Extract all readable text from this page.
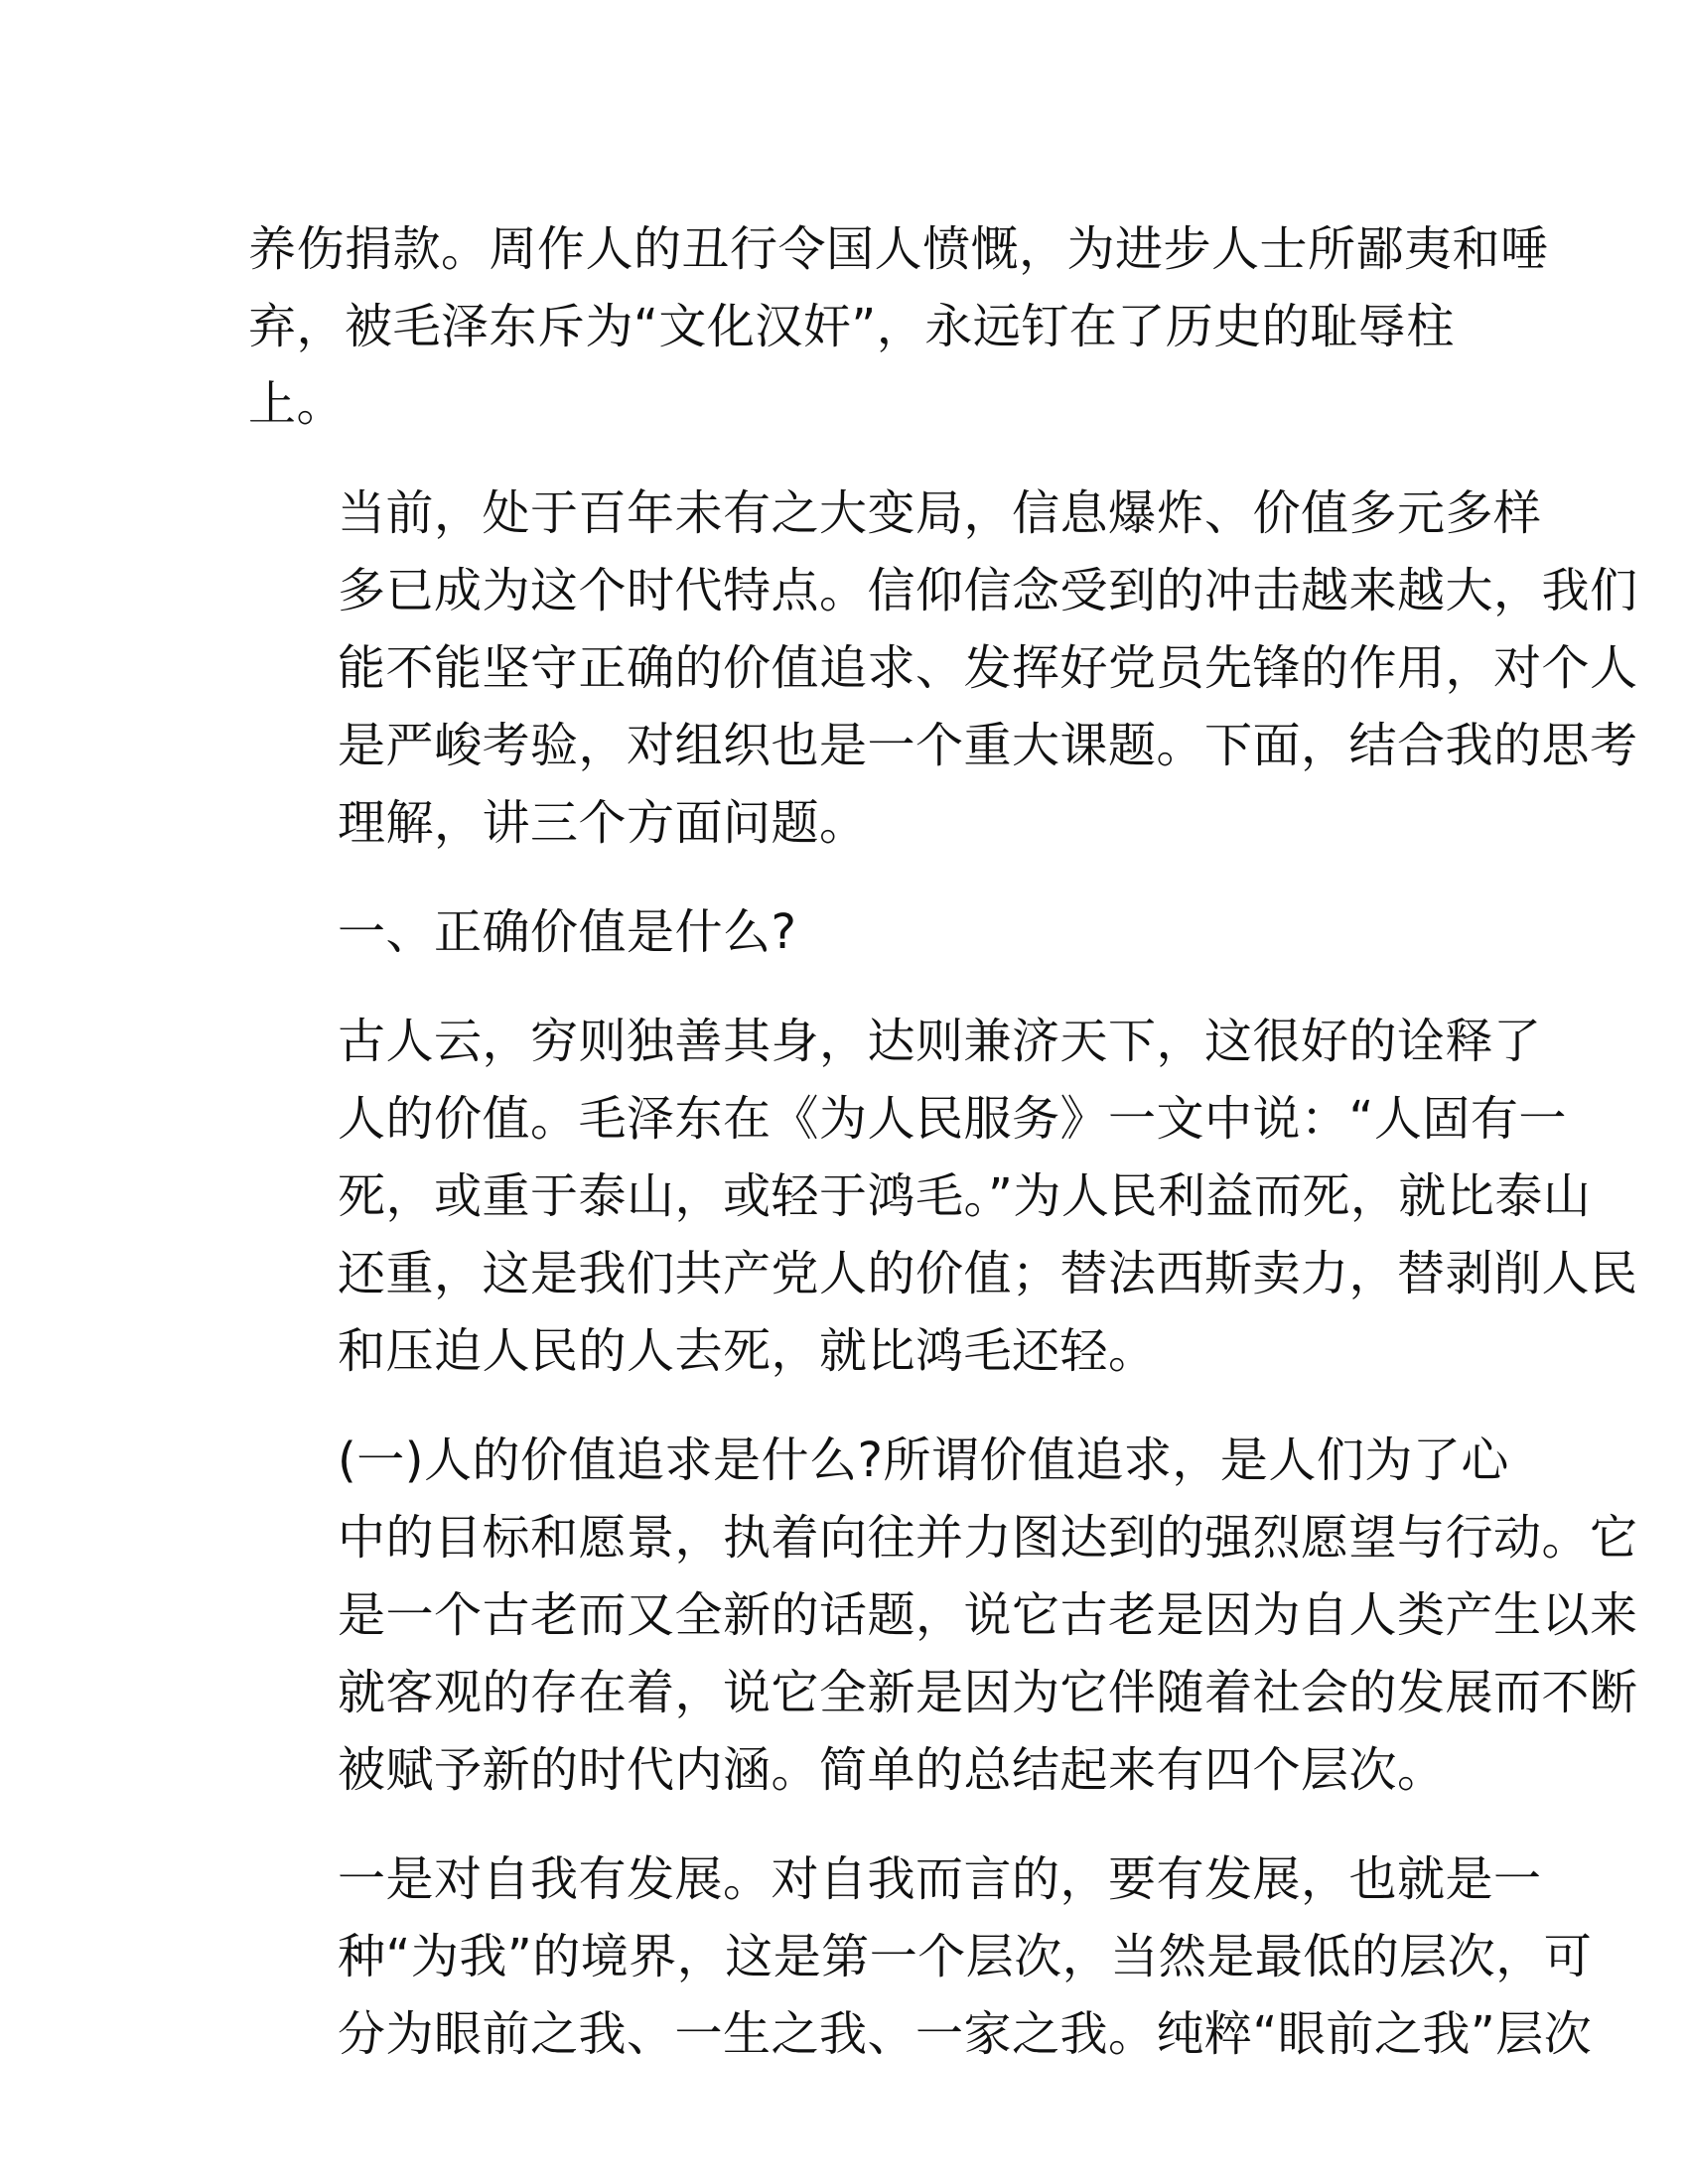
养伤捐款。周作人的丑行令国人愤慨，为进步人士所鄙夷和唾
弃，被毛泽东斥为“文化汉奸”，永远钉在了历史的耻辱柱
上。

当前，处于百年未有之大变局，信息爆炸、价值多元多样
多已成为这个时代特点。信仰信念受到的冲击越来越大，我们
能不能坚守正确的价值追求、发挥好党员先锋的作用，对个人
是严峻考验，对组织也是一个重大课题。下面，结合我的思考
理解，讲三个方面问题。

一、正确价值是什么?

古人云，穷则独善其身，达则兼济天下，这很好的诠释了
人的价值。毛泽东在《为人民服务》一文中说：“人固有一
死，或重于泰山，或轻于鸿毛。”为人民利益而死，就比泰山
还重，这是我们共产党人的价值；替法西斯卖力，替剥削人民
和压迫人民的人去死，就比鸿毛还轻。

(一)人的价值追求是什么?所谓价值追求，是人们为了心
中的目标和愿景，执着向往并力图达到的强烈愿望与行动。它
是一个古老而又全新的话题，说它古老是因为自人类产生以来
就客观的存在着，说它全新是因为它伴随着社会的发展而不断
被赋予新的时代内涵。简单的总结起来有四个层次。

一是对自我有发展。对自我而言的，要有发展，也就是一
种“为我”的境界，这是第一个层次，当然是最低的层次，可
分为眼前之我、一生之我、一家之我。纯粹“眼前之我”层次
